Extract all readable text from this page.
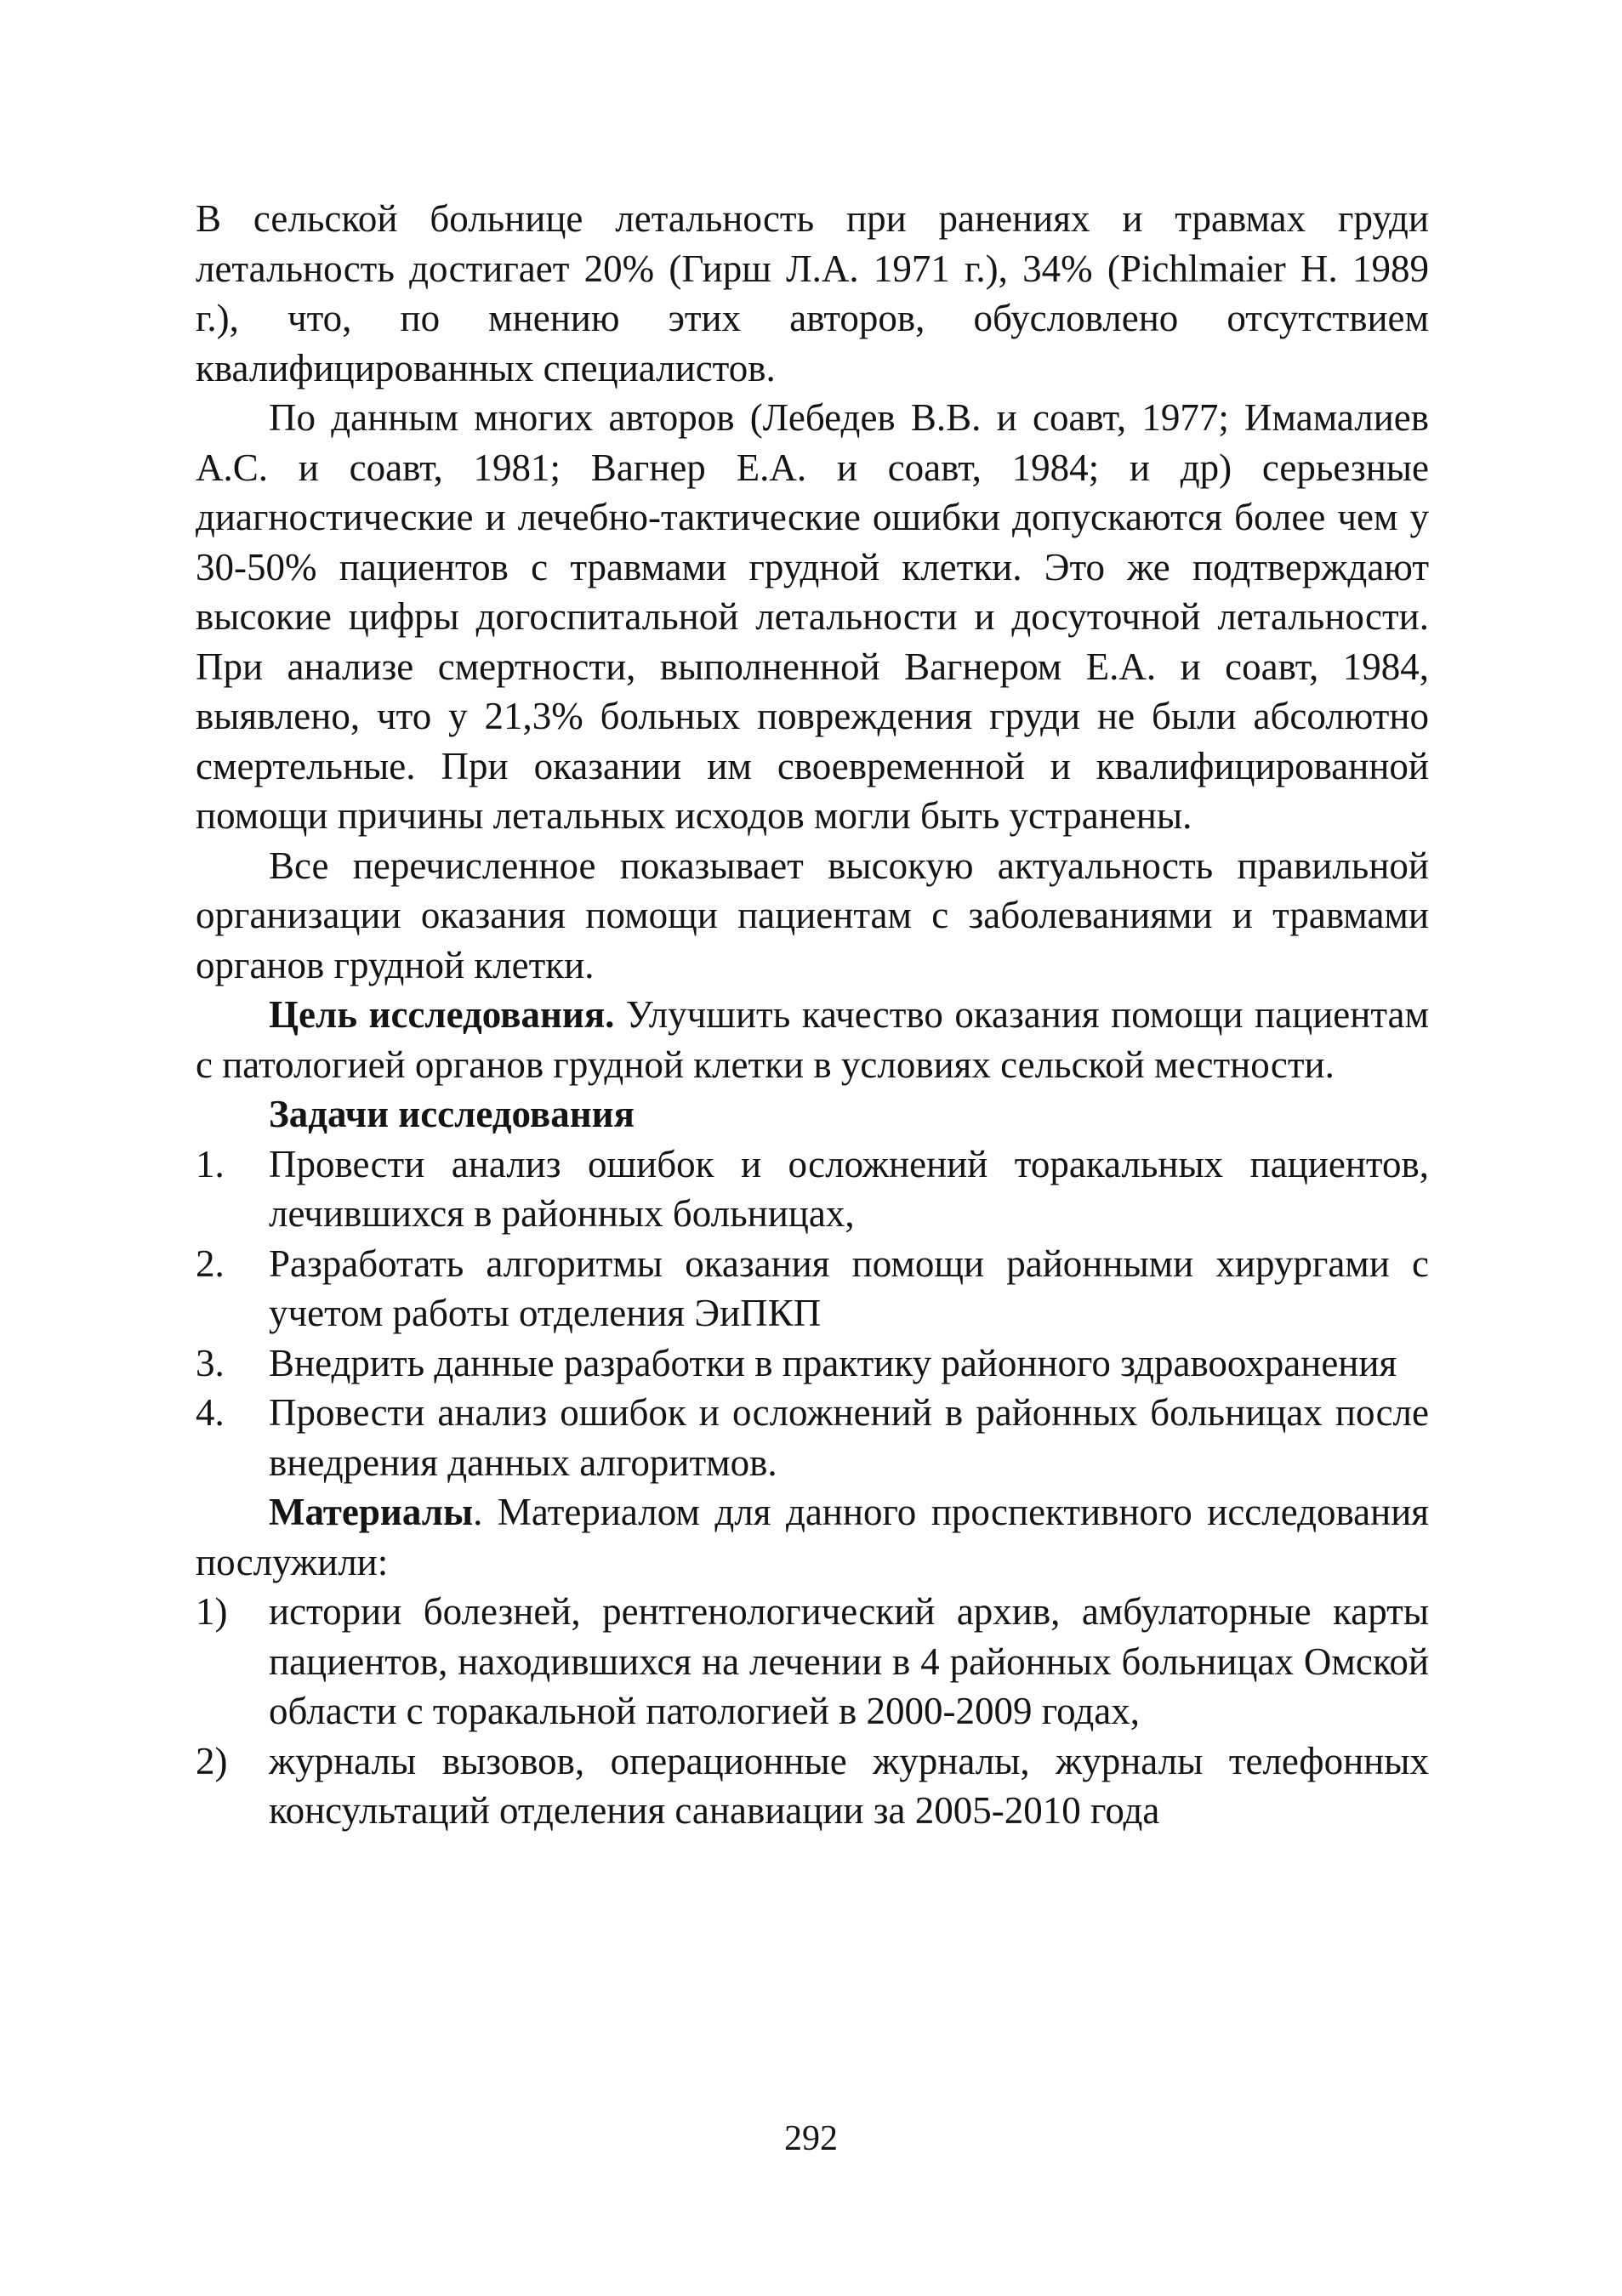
В сельской больнице летальность при ранениях и травмах груди летальность достигает 20% (Гирш Л.А. 1971 г.), 34% (Pichlmaier H. 1989 г.), что, по мнению этих авторов, обусловлено отсутствием квалифицированных специалистов.

По данным многих авторов (Лебедев В.В. и соавт, 1977; Имамалиев А.С. и соавт, 1981; Вагнер Е.А. и соавт, 1984; и др) серьезные диагностические и лечебно-тактические ошибки допускаются более чем у 30-50% пациентов с травмами грудной клетки. Это же подтверждают высокие цифры догоспитальной летальности и досуточной летальности. При анализе смертности, выполненной Вагнером Е.А. и соавт, 1984, выявлено, что у 21,3% больных повреждения груди не были абсолютно смертельные. При оказании им своевременной и квалифицированной помощи причины летальных исходов могли быть устранены.

Все перечисленное показывает высокую актуальность правильной организации оказания помощи пациентам с заболеваниями и травмами органов грудной клетки.

Цель исследования. Улучшить качество оказания помощи пациентам с патологией органов грудной клетки в условиях сельской местности.

Задачи исследования

1. Провести анализ ошибок и осложнений торакальных пациентов, лечившихся в районных больницах,
2. Разработать алгоритмы оказания помощи районными хирургами с учетом работы отделения ЭиПКП
3. Внедрить данные разработки в практику районного здравоохранения
4. Провести анализ ошибок и осложнений в районных больницах после внедрения данных алгоритмов.

Материалы. Материалом для данного проспективного исследования послужили:

1) истории болезней, рентгенологический архив, амбулаторные карты пациентов, находившихся на лечении в 4 районных больницах Омской области с торакальной патологией в 2000-2009 годах,
2) журналы вызовов, операционные журналы, журналы телефонных консультаций отделения санавиации за 2005-2010 года
292
